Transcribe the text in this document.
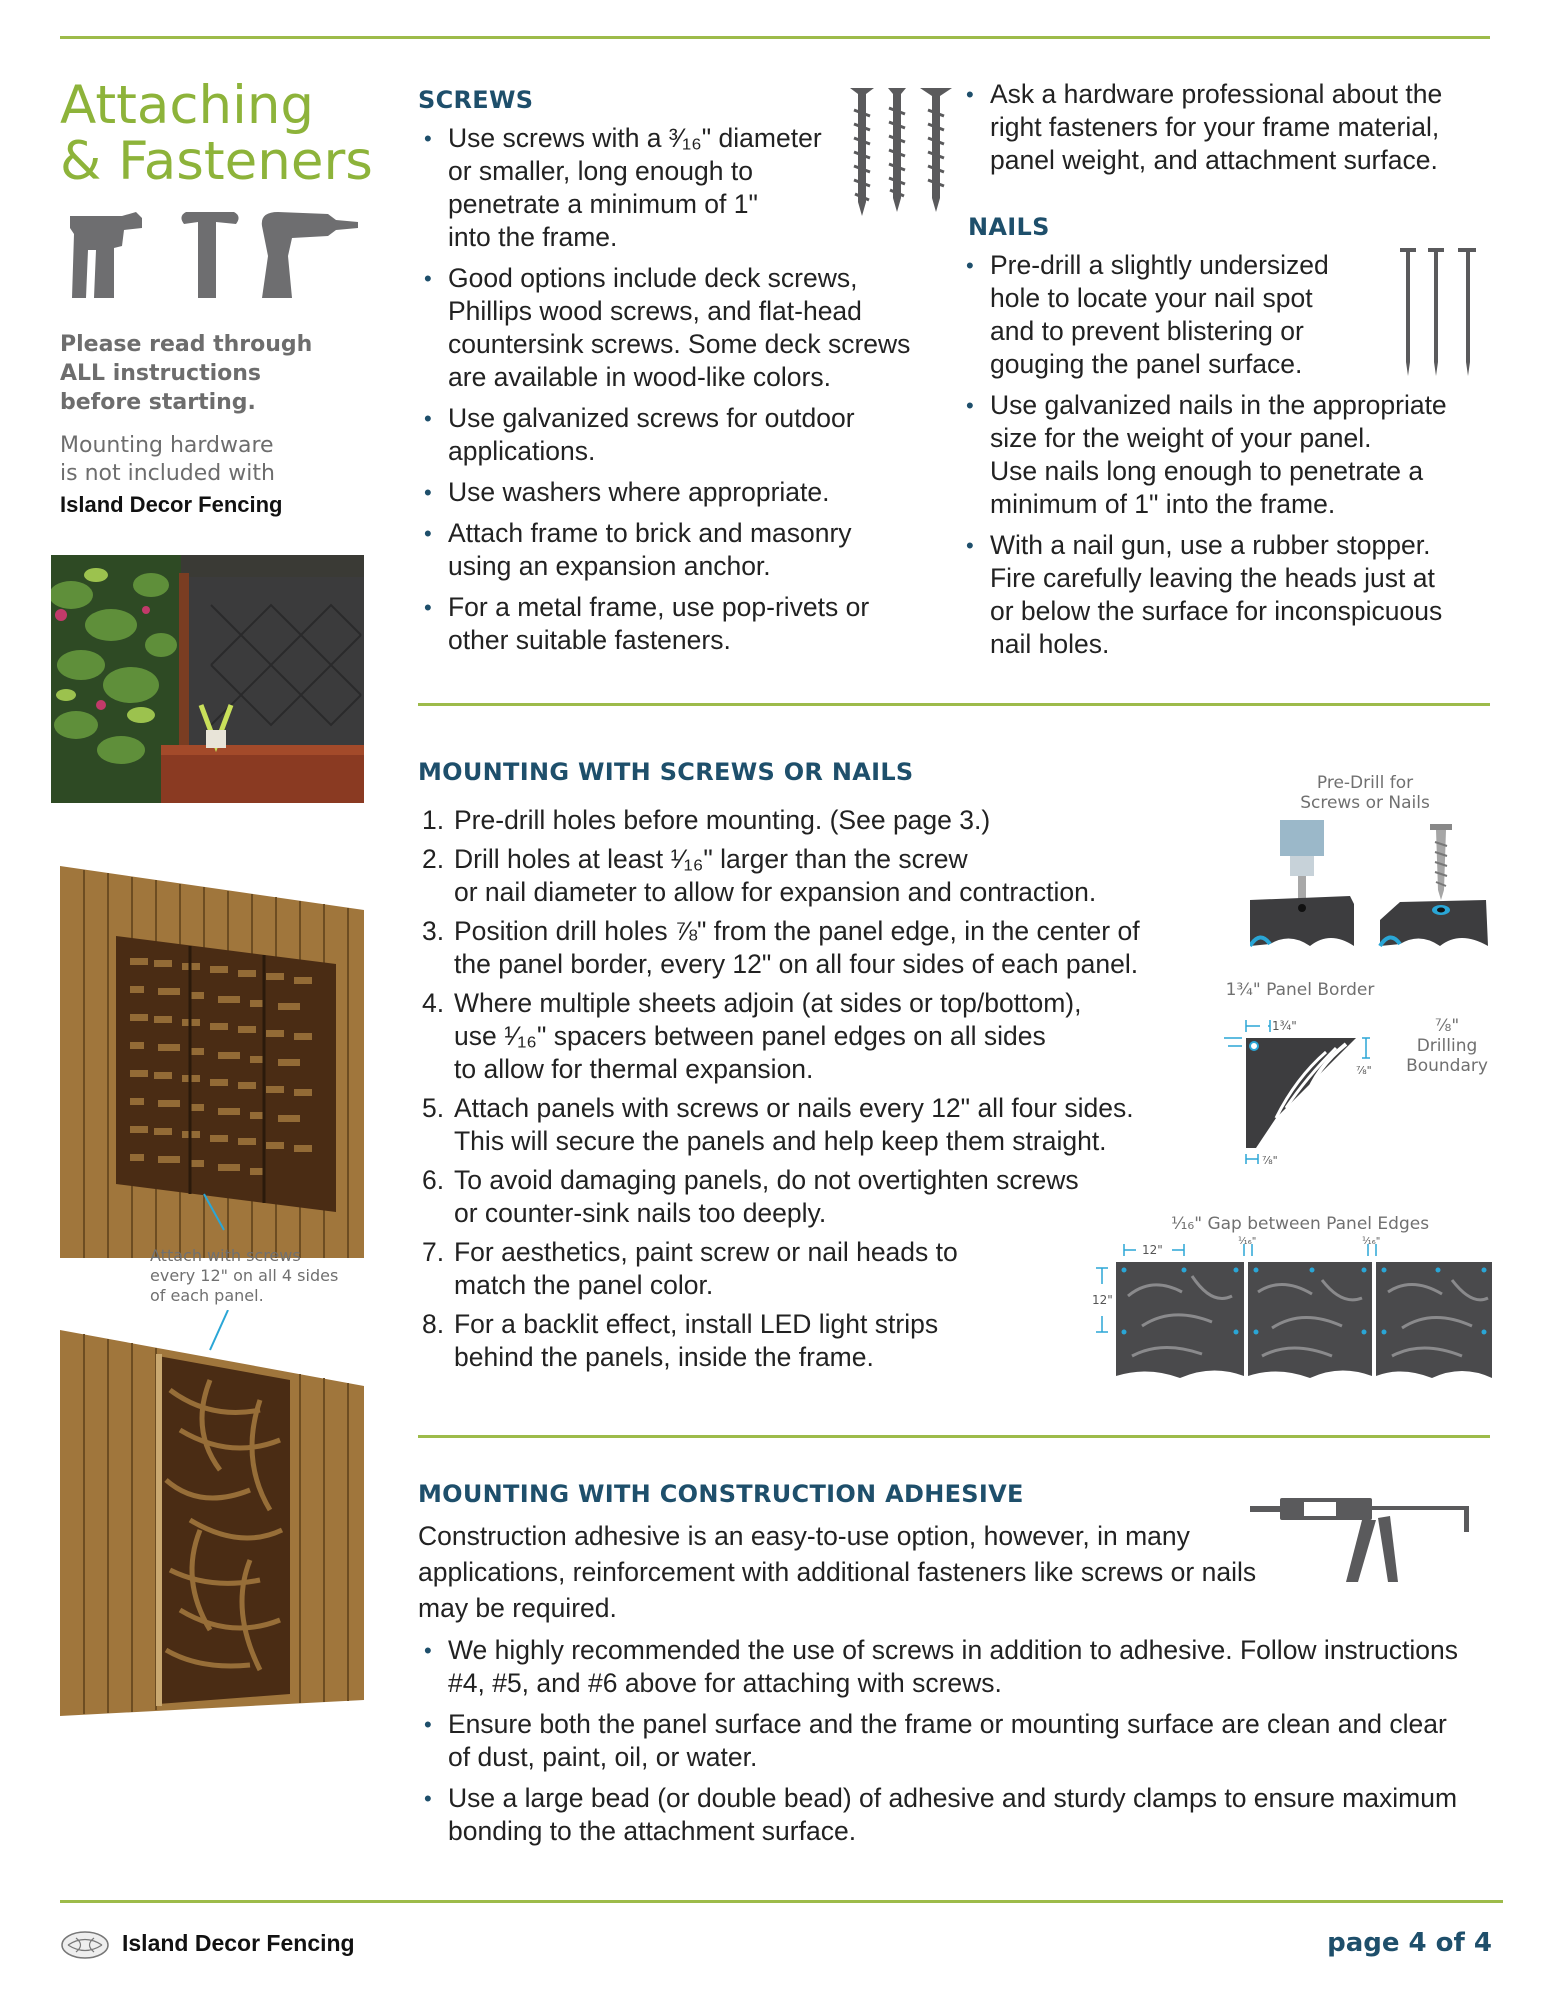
Attaching
& Fasteners
Please read through
ALL instructions
before starting.
Mounting hardware
is not included with
Island Decor Fencing
Attach with screws
every 12" on all 4 sides
of each panel.
SCREWS
• Use screws with a ³⁄₁₆" diameter
or smaller, long enough to
penetrate a minimum of 1"
into the frame.
• Good options include deck screws,
Phillips wood screws, and flat-head
countersink screws. Some deck screws
are available in wood-like colors.
• Use galvanized screws for outdoor
applications.
• Use washers where appropriate.
• Attach frame to brick and masonry
using an expansion anchor.
• For a metal frame, use pop-rivets or
other suitable fasteners.
• Ask a hardware professional about the
right fasteners for your frame material,
panel weight, and attachment surface.
NAILS
• Pre-drill a slightly undersized
hole to locate your nail spot
and to prevent blistering or
gouging the panel surface.
• Use galvanized nails in the appropriate
size for the weight of your panel.
Use nails long enough to penetrate a
minimum of 1" into the frame.
• With a nail gun, use a rubber stopper.
Fire carefully leaving the heads just at
or below the surface for inconspicuous
nail holes.
MOUNTING WITH SCREWS OR NAILS
1. Pre-drill holes before mounting. (See page 3.)
2. Drill holes at least ¹⁄₁₆" larger than the screw
or nail diameter to allow for expansion and contraction.
3. Position drill holes ⅞" from the panel edge, in the center of
the panel border, every 12" on all four sides of each panel.
4. Where multiple sheets adjoin (at sides or top/bottom),
use ¹⁄₁₆" spacers between panel edges on all sides
to allow for thermal expansion.
5. Attach panels with screws or nails every 12" all four sides.
This will secure the panels and help keep them straight.
6. To avoid damaging panels, do not overtighten screws
or counter-sink nails too deeply.
7. For aesthetics, paint screw or nail heads to
match the panel color.
8. For a backlit effect, install LED light strips
behind the panels, inside the frame.
Pre-Drill for
Screws or Nails
1¾" Panel Border
1¾"
⅞"
⅞"
⅞"
Drilling
Boundary
¹⁄₁₆" Gap between Panel Edges
12"
¹⁄₁₆"	¹⁄₁₆"
12"
MOUNTING WITH CONSTRUCTION ADHESIVE
Construction adhesive is an easy-to-use option, however, in many
applications, reinforcement with additional fasteners like screws or nails
may be required.
• We highly recommended the use of screws in addition to adhesive. Follow instructions
#4, #5, and #6 above for attaching with screws.
• Ensure both the panel surface and the frame or mounting surface are clean and clear
of dust, paint, oil, or water.
• Use a large bead (or double bead) of adhesive and sturdy clamps to ensure maximum
bonding to the attachment surface.
Island Decor Fencing	page 4 of 4
